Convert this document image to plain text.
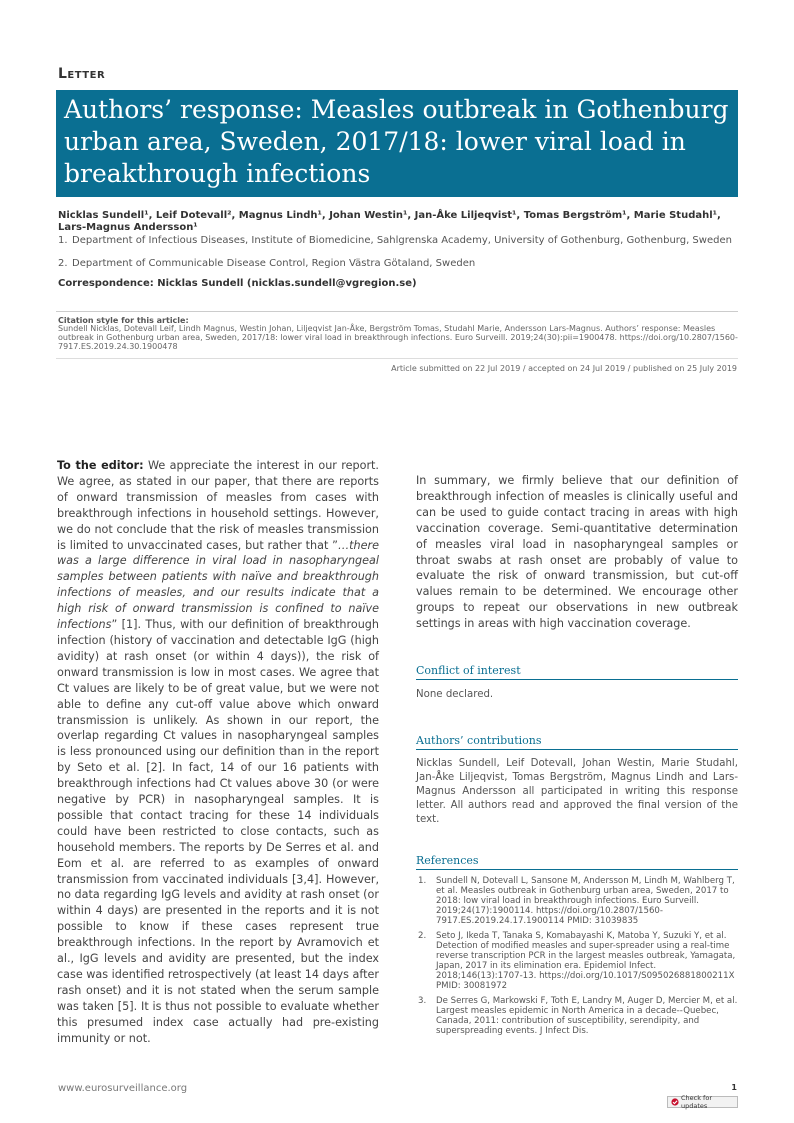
Letter
Authors’ response: Measles outbreak in Gothenburg urban area, Sweden, 2017/18: lower viral load in breakthrough infections
Nicklas Sundell¹, Leif Dotevall², Magnus Lindh¹, Johan Westin¹, Jan-Åke Liljeqvist¹, Tomas Bergström¹, Marie Studahl¹, Lars-Magnus Andersson¹
1. Department of Infectious Diseases, Institute of Biomedicine, Sahlgrenska Academy, University of Gothenburg, Gothenburg, Sweden
2. Department of Communicable Disease Control, Region Västra Götaland, Sweden
Correspondence: Nicklas Sundell (nicklas.sundell@vgregion.se)
Citation style for this article:
Sundell Nicklas, Dotevall Leif, Lindh Magnus, Westin Johan, Liljeqvist Jan-Åke, Bergström Tomas, Studahl Marie, Andersson Lars-Magnus. Authors’ response: Measles outbreak in Gothenburg urban area, Sweden, 2017/18: lower viral load in breakthrough infections. Euro Surveill. 2019;24(30):pii=1900478. https://doi.org/10.2807/1560-7917.ES.2019.24.30.1900478
Article submitted on 22 Jul 2019 / accepted on 24 Jul 2019 / published on 25 July 2019
To the editor: We appreciate the interest in our report. We agree, as stated in our paper, that there are reports of onward transmission of measles from cases with breakthrough infections in household settings. However, we do not conclude that the risk of measles transmission is limited to unvaccinated cases, but rather that ”…there was a large difference in viral load in nasopharyngeal samples between patients with naïve and breakthrough infections of measles, and our results indicate that a high risk of onward transmission is confined to naïve infections” [1]. Thus, with our definition of breakthrough infection (history of vaccination and detectable IgG (high avidity) at rash onset (or within 4 days)), the risk of onward transmission is low in most cases. We agree that Ct values are likely to be of great value, but we were not able to define any cut-off value above which onward transmission is unlikely. As shown in our report, the overlap regarding Ct values in nasopharyngeal samples is less pronounced using our definition than in the report by Seto et al. [2]. In fact, 14 of our 16 patients with breakthrough infections had Ct values above 30 (or were negative by PCR) in nasopharyngeal samples. It is possible that contact tracing for these 14 individuals could have been restricted to close contacts, such as household members. The reports by De Serres et al. and Eom et al. are referred to as examples of onward transmission from vaccinated individuals [3,4]. However, no data regarding IgG levels and avidity at rash onset (or within 4 days) are presented in the reports and it is not possible to know if these cases represent true breakthrough infections. In the report by Avramovich et al., IgG levels and avidity are presented, but the index case was identified retrospectively (at least 14 days after rash onset) and it is not stated when the serum sample was taken [5]. It is thus not possible to evaluate whether this presumed index case actually had pre-existing immunity or not.
In summary, we firmly believe that our definition of breakthrough infection of measles is clinically useful and can be used to guide contact tracing in areas with high vaccination coverage. Semi-quantitative determination of measles viral load in nasopharyngeal samples or throat swabs at rash onset are probably of value to evaluate the risk of onward transmission, but cut-off values remain to be determined. We encourage other groups to repeat our observations in new outbreak settings in areas with high vaccination coverage.
Conflict of interest
None declared.
Authors’ contributions
Nicklas Sundell, Leif Dotevall, Johan Westin, Marie Studahl, Jan-Åke Liljeqvist, Tomas Bergström, Magnus Lindh and Lars-Magnus Andersson all participated in writing this response letter. All authors read and approved the final version of the text.
References
1.	Sundell N, Dotevall L, Sansone M, Andersson M, Lindh M, Wahlberg T, et al. Measles outbreak in Gothenburg urban area, Sweden, 2017 to 2018: low viral load in breakthrough infections. Euro Surveill. 2019;24(17):1900114. https://doi.org/10.2807/1560-7917.ES.2019.24.17.1900114 PMID: 31039835
2.	Seto J, Ikeda T, Tanaka S, Komabayashi K, Matoba Y, Suzuki Y, et al. Detection of modified measles and super-spreader using a real-time reverse transcription PCR in the largest measles outbreak, Yamagata, Japan, 2017 in its elimination era. Epidemiol Infect. 2018;146(13):1707-13. https://doi.org/10.1017/S095026881800211X PMID: 30081972
3.	De Serres G, Markowski F, Toth E, Landry M, Auger D, Mercier M, et al. Largest measles epidemic in North America in a decade--Quebec, Canada, 2011: contribution of susceptibility, serendipity, and superspreading events. J Infect Dis.
www.eurosurveillance.org	1
Check for updates
